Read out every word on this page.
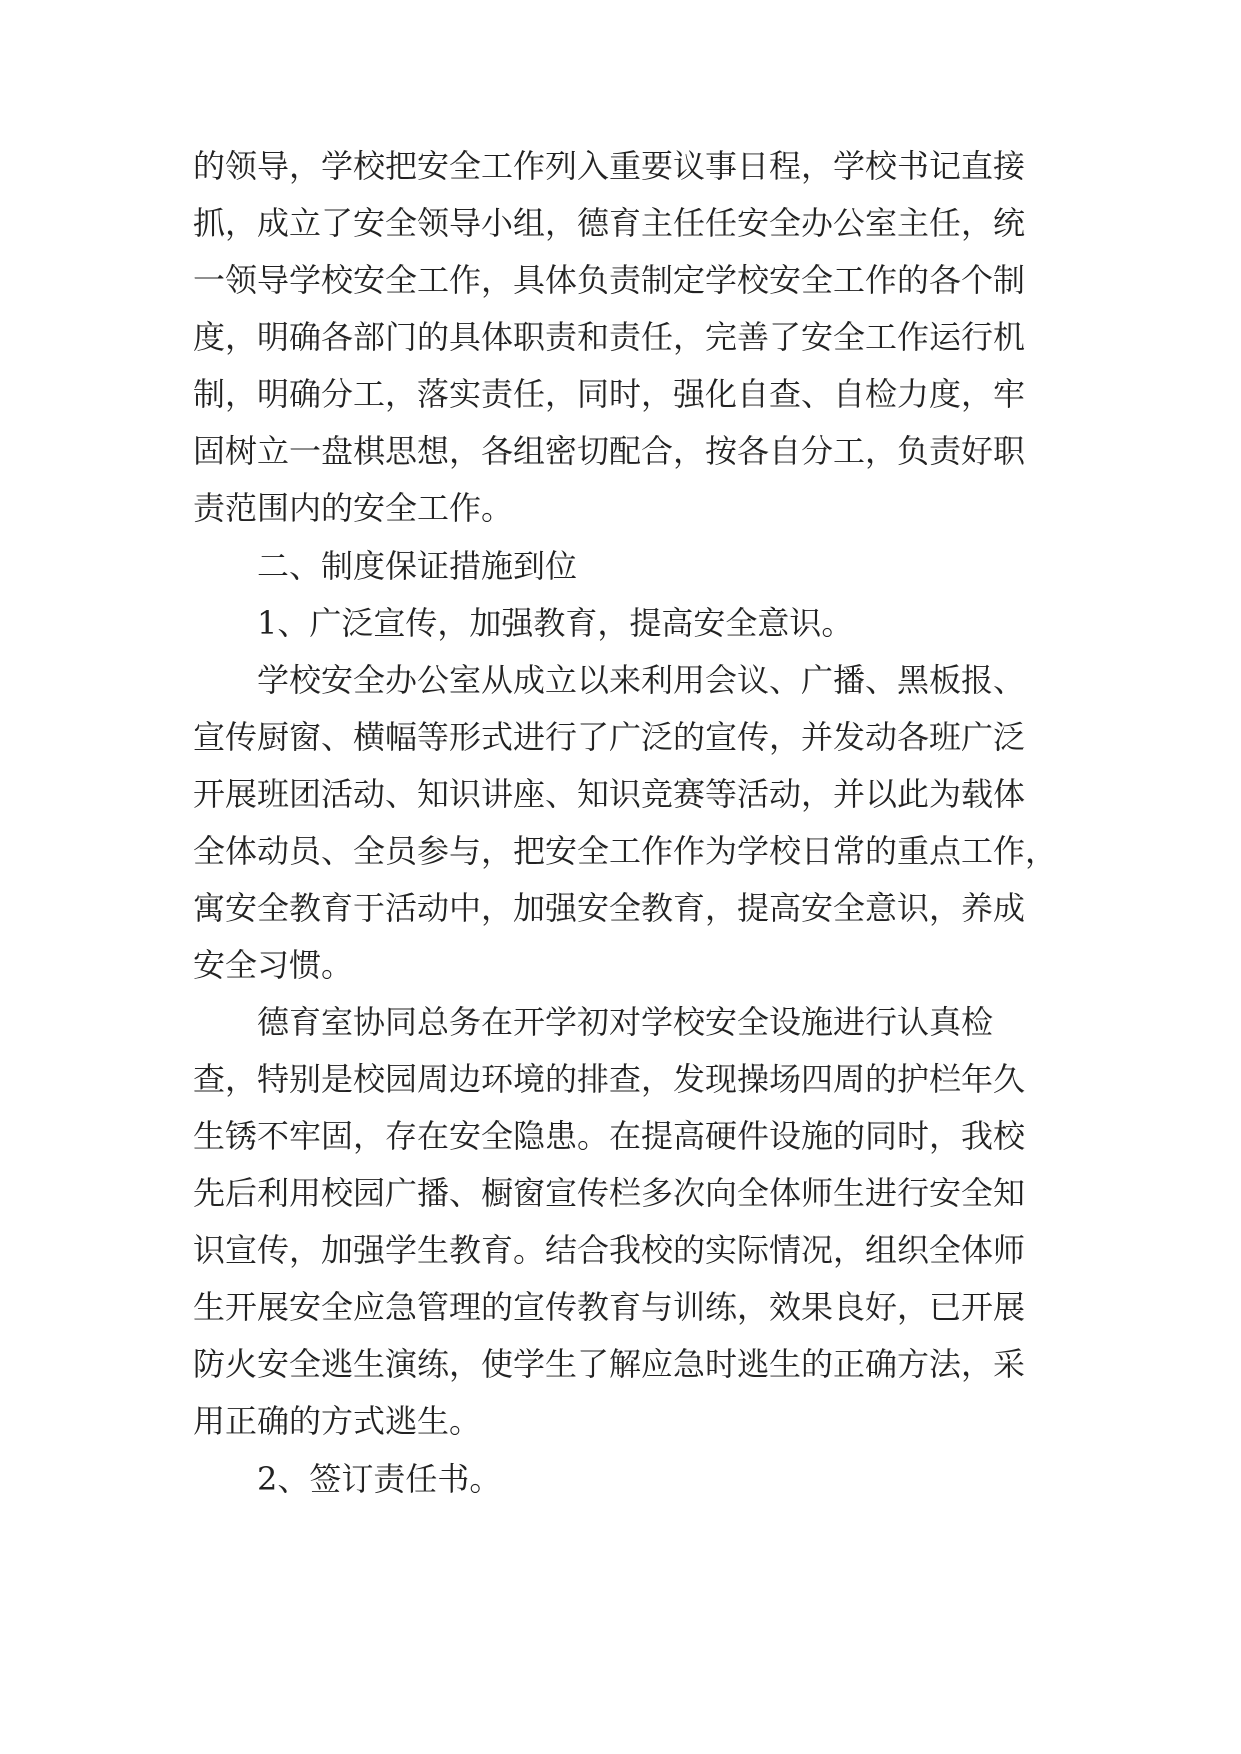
的领导，学校把安全工作列入重要议事日程，学校书记直接
抓，成立了安全领导小组，德育主任任安全办公室主任，统
一领导学校安全工作，具体负责制定学校安全工作的各个制
度，明确各部门的具体职责和责任，完善了安全工作运行机
制，明确分工，落实责任，同时，强化自查、自检力度，牢
固树立一盘棋思想，各组密切配合，按各自分工，负责好职
责范围内的安全工作。
二、制度保证措施到位
1、广泛宣传，加强教育，提高安全意识。
学校安全办公室从成立以来利用会议、广播、黑板报、
宣传厨窗、横幅等形式进行了广泛的宣传，并发动各班广泛
开展班团活动、知识讲座、知识竞赛等活动，并以此为载体
全体动员、全员参与，把安全工作作为学校日常的重点工作，
寓安全教育于活动中，加强安全教育，提高安全意识，养成
安全习惯。
德育室协同总务在开学初对学校安全设施进行认真检
查，特别是校园周边环境的排查，发现操场四周的护栏年久
生锈不牢固，存在安全隐患。在提高硬件设施的同时，我校
先后利用校园广播、橱窗宣传栏多次向全体师生进行安全知
识宣传，加强学生教育。结合我校的实际情况，组织全体师
生开展安全应急管理的宣传教育与训练，效果良好，已开展
防火安全逃生演练，使学生了解应急时逃生的正确方法，采
用正确的方式逃生。
2、签订责任书。
